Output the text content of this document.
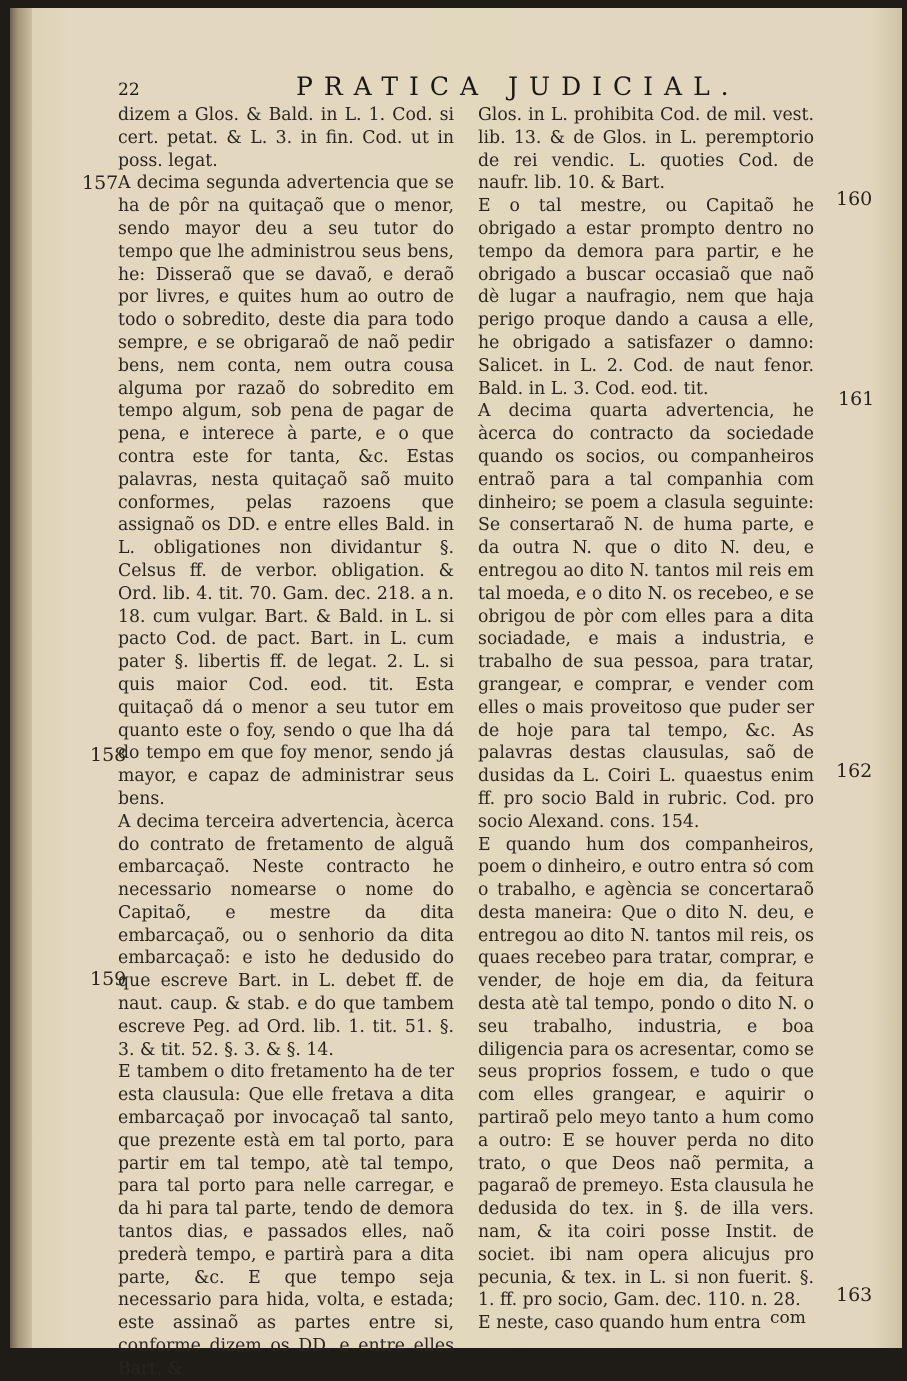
22	PRATICA JUDICIAL.

dizem a Glos. & Bald. in L. 1. Cod. si cert. petat. & L. 3. in fin. Cod. ut in poss. legat.

A decima segunda advertencia que se ha de pôr na quitaçaõ que o menor, sendo mayor deu a seu tutor do tempo que lhe administrou seus bens, he: Disseraõ que se davaõ, e deraõ por livres, e quites hum ao outro de todo o sobredito, deste dia para todo sempre, e se obrigaraõ de naõ pedir bens, nem conta, nem outra cousa alguma por razaõ do sobredito em tempo algum, sob pena de pagar de pena, e interece à parte, e o que contra este for tanta, &c. Estas palavras, nesta quitaçaõ saõ muito conformes, pelas razoens que assignaõ os DD. e entre elles Bald. in L. obligationes non dividantur §. Celsus ff. de verbor. obligation. & Ord. lib. 4. tit. 70. Gam. dec. 218. a n. 18. cum vulgar. Bart. & Bald. in L. si pacto Cod. de pact. Bart. in L. cum pater §. libertis ff. de legat. 2. L. si quis maior Cod. eod. tit. Esta quitaçaõ dá o menor a seu tutor em quanto este o foy, sendo o que lha dá do tempo em que foy menor, sendo já mayor, e capaz de administrar seus bens.

A decima terceira advertencia, àcerca do contrato de fretamento de alguã embarcaçaõ. Neste contracto he necessario nomearse o nome do Capitaõ, e mestre da dita embarcaçaõ, ou o senhorio da dita embarcaçaõ: e isto he dedusido do que escreve Bart. in L. debet ff. de naut. caup. & stab. e do que tambem escreve Peg. ad Ord. lib. 1. tit. 51. §. 3. & tit. 52. §. 3. & §. 14.

E tambem o dito fretamento ha de ter esta clausula: Que elle fretava a dita embarcaçaõ por invocaçaõ tal santo, que prezente està em tal porto, para partir em tal tempo, atè tal tempo, para tal porto para nelle carregar, e da hi para tal parte, tendo de demora tantos dias, e passados elles, naõ prederà tempo, e partirà para a dita parte, &c. E que tempo seja necessario para hida, volta, e estada; este assinaõ as partes entre si, conforme dizem os DD. e entre elles Bart. &

Glos. in L. prohibita Cod. de mil. vest. lib. 13. & de Glos. in L. peremptorio de rei vendic. L. quoties Cod. de naufr. lib. 10. & Bart.

E o tal mestre, ou Capitaõ he obrigado a estar prompto dentro no tempo da demora para partir, e he obrigado a buscar occasiaõ que naõ dè lugar a naufragio, nem que haja perigo proque dando a causa a elle, he obrigado a satisfazer o damno: Salicet. in L. 2. Cod. de naut fenor. Bald. in L. 3. Cod. eod. tit.

A decima quarta advertencia, he àcerca do contracto da sociedade quando os socios, ou companheiros entraõ para a tal companhia com dinheiro; se poem a clasula seguinte: Se consertaraõ N. de huma parte, e da outra N. que o dito N. deu, e entregou ao dito N. tantos mil reis em tal moeda, e o dito N. os recebeo, e se obrigou de pòr com elles para a dita sociadade, e mais a industria, e trabalho de sua pessoa, para tratar, grangear, e comprar, e vender com elles o mais proveitoso que puder ser de hoje para tal tempo, &c. As palavras destas clausulas, saõ de dusidas da L. Coiri L. quaestus enim ff. pro socio Bald in rubric. Cod. pro socio Alexand. cons. 154.

E quando hum dos companheiros, poem o dinheiro, e outro entra só com o trabalho, e agència se concertaraõ desta maneira: Que o dito N. deu, e entregou ao dito N. tantos mil reis, os quaes recebeo para tratar, comprar, e vender, de hoje em dia, da feitura desta atè tal tempo, pondo o dito N. o seu trabalho, industria, e boa diligencia para os acresentar, como se seus proprios fossem, e tudo o que com elles grangear, e aquirir o partiraõ pelo meyo tanto a hum como a outro: E se houver perda no dito trato, o que Deos naõ permita, a pagaraõ de premeyo. Esta clausula he dedusida do tex. in §. de illa vers. nam, & ita coiri posse Instit. de societ. ibi nam opera alicujus pro pecunia, & tex. in L. si non fuerit. §. 1. ff. pro socio, Gam. dec. 110. n. 28.

E neste, caso quando hum entra

157
158
159
160
161
162
163
com
